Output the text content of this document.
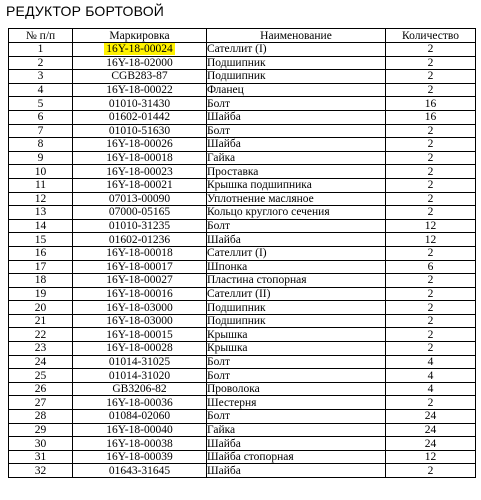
РЕДУКТОР БОРТОВОЙ
№ п/п	Маркировка	Наименование	Количество
1	16Y-18-00024	Сателлит (I)	2
2	16Y-18-02000	Подшипник	2
3	CGB283-87	Подшипник	2
4	16Y-18-00022	Фланец	2
5	01010-31430	Болт	16
6	01602-01442	Шайба	16
7	01010-51630	Болт	2
8	16Y-18-00026	Шайба	2
9	16Y-18-00018	Гайка	2
10	16Y-18-00023	Проставка	2
11	16Y-18-00021	Крышка подшипника	2
12	07013-00090	Уплотнение масляное	2
13	07000-05165	Кольцо круглого сечения	2
14	01010-31235	Болт	12
15	01602-01236	Шайба	12
16	16Y-18-00018	Сателлит (I)	2
17	16Y-18-00017	Шпонка	6
18	16Y-18-00027	Пластина стопорная	2
19	16Y-18-00016	Сателлит (II)	2
20	16Y-18-03000	Подшипник	2
21	16Y-18-03000	Подшипник	2
22	16Y-18-00015	Крышка	2
23	16Y-18-00028	Крышка	2
24	01014-31025	Болт	4
25	01014-31020	Болт	4
26	GB3206-82	Проволока	4
27	16Y-18-00036	Шестерня	2
28	01084-02060	Болт	24
29	16Y-18-00040	Гайка	24
30	16Y-18-00038	Шайба	24
31	16Y-18-00039	Шайба стопорная	12
32	01643-31645	Шайба	2
